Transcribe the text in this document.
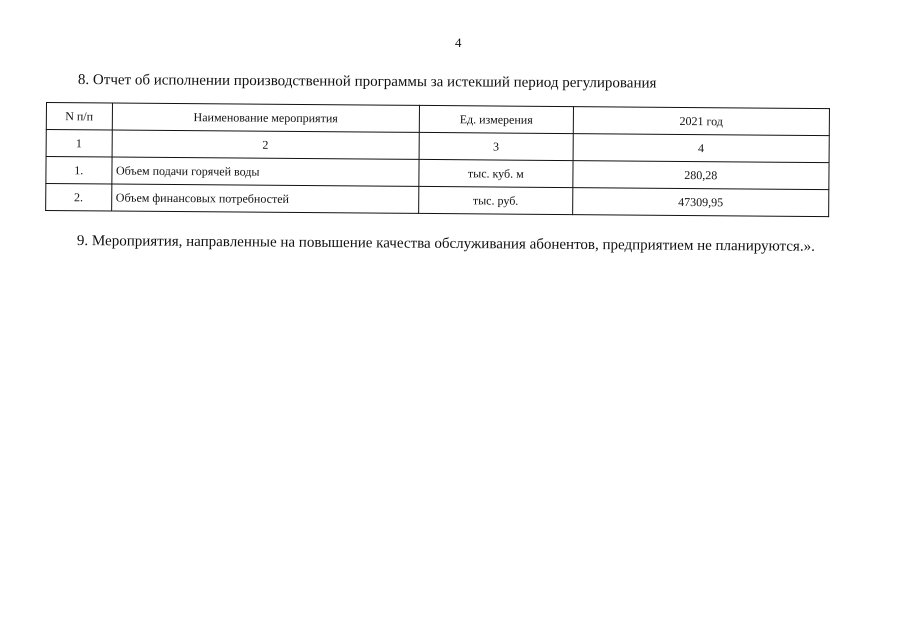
4
8. Отчет об исполнении производственной программы за истекший период регулирования
N п/п	Наименование мероприятия	Ед. измерения	2021 год
1	2	3	4
1.	Объем подачи горячей воды	тыс. куб. м	280,28
2.	Объем финансовых потребностей	тыс. руб.	47309,95
9. Мероприятия, направленные на повышение качества обслуживания абонентов, предприятием не планируются.».
